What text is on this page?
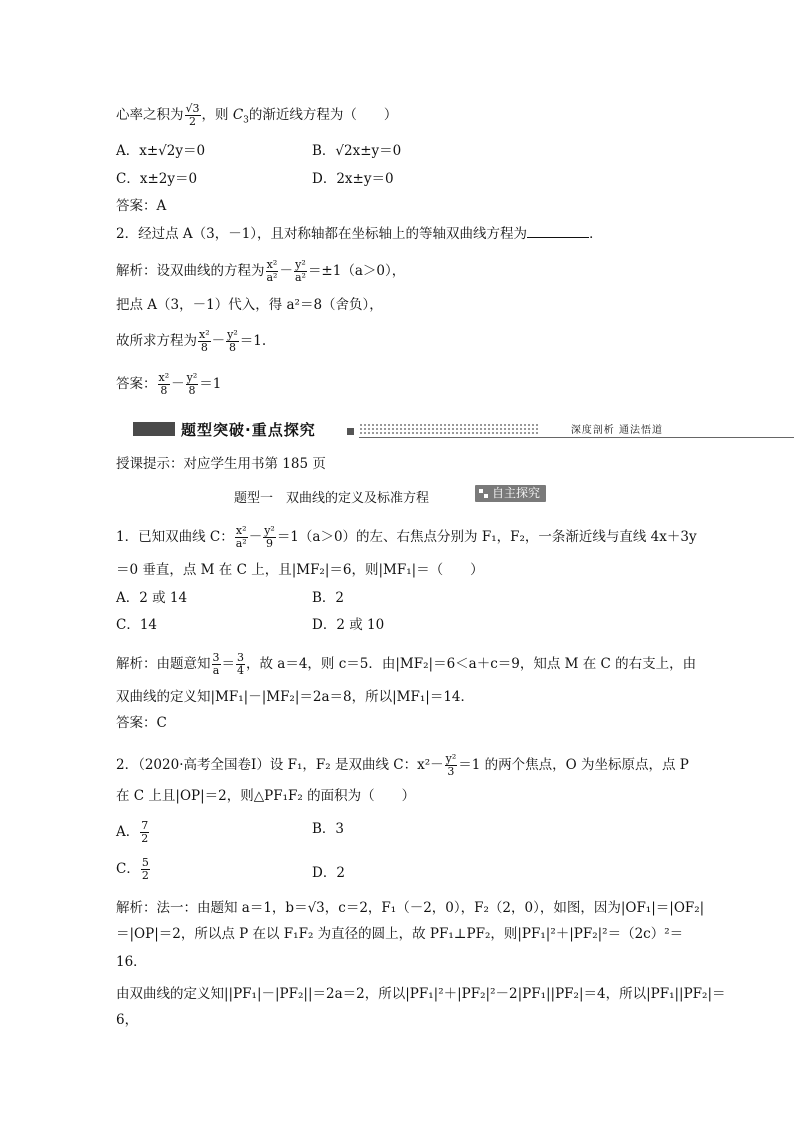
心率之积为 $\frac{√3}{2}$ ，则 $C_3$的渐近线方程为（　　）
A．x±√2y＝0	B．√2x±y＝0
C．x±2y＝0	D．2x±y＝0
答案：A
2．经过点 A（3，－1），且对称轴都在坐标轴上的等轴双曲线方程为	．
解析：设双曲线的方程为 $\frac{\text{x²}}{\text{a²}} - \frac{\text{y²}}{\text{a²}} =\pm 1(a>0)$，
把点 A（3，－1）代入，得 a²＝8（舍负），
故所求方程为 $\frac{\text{x²}}{8} - \frac{\text{y²}}{8} =1$.
答案： $\frac{\text{x²}}{8} - \frac{\text{y²}}{8} =1$
题型突破·重点探究	深度剖析 通法悟道
授课提示：对应学生用书第 185 页
题型一　双曲线的定义及标准方程	自主探究
1．已知双曲线 C： $\frac{\text{x²}}{\text{a²}} - \frac{\text{y²}}{9} =1(a>0)$的左、右焦点分别为 F₁，F₂，一条渐近线与直线 4x＋3y
＝0 垂直，点 M 在 C 上，且|MF₂|＝6，则|MF₁|＝（　　）
A．2 或 14	B．2
C．14	D．2 或 10
解析：由题意知 $\frac{3}{a} = \frac{3}{4}$ ，故 a＝4，则 c＝5．由|MF₂|＝6＜a＋c＝9，知点 M 在 C 的右支上，由
双曲线的定义知|MF₁|－|MF₂|＝2a＝8，所以|MF₁|＝14．
答案：C
2．（2020·高考全国卷Ⅰ）设 F₁，F₂ 是双曲线 C：$x^2- \frac{\text{y²}}{3} =1$ 的两个焦点，O 为坐标原点，点 P
在 C 上且|OP|＝2，则△PF₁F₂ 的面积为（　　）
A． $\frac{7}{2}$	B．3
C． $\frac{5}{2}$	D．2
解析：法一：由题知 a＝1，b＝√3，c＝2，F₁（－2，0），F₂（2，0），如图，因为|OF₁|＝|OF₂|
＝|OP|＝2，所以点 P 在以 F₁F₂ 为直径的圆上，故 PF₁⊥PF₂，则|PF₁|²＋|PF₂|²＝（2c）²＝
16．
由双曲线的定义知||PF₁|－|PF₂||＝2a＝2，所以|PF₁|²＋|PF₂|²－2|PF₁||PF₂|＝4，所以|PF₁||PF₂|＝
6，
